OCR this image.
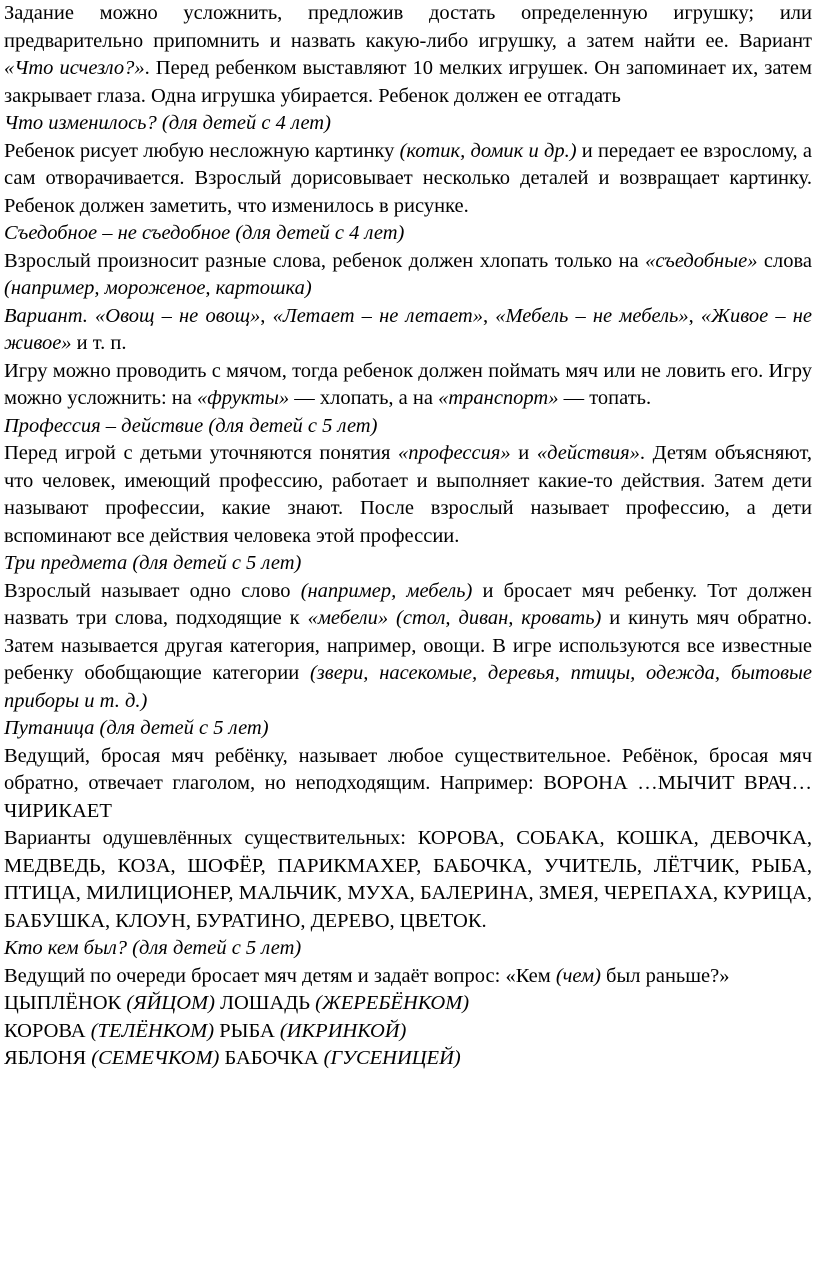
Задание можно усложнить, предложив достать определенную игрушку; или предварительно припомнить и назвать какую-либо игрушку, а затем найти ее. Вариант «Что исчезло?». Перед ребенком выставляют 10 мелких игрушек. Он запоминает их, затем закрывает глаза. Одна игрушка убирается. Ребенок должен ее отгадать

Что изменилось? (для детей с 4 лет)

Ребенок рисует любую несложную картинку (котик, домик и др.) и передает ее взрослому, а сам отворачивается. Взрослый дорисовывает несколько деталей и возвращает картинку. Ребенок должен заметить, что изменилось в рисунке.

Съедобное – не съедобное (для детей с 4 лет)

Взрослый произносит разные слова, ребенок должен хлопать только на «съедобные» слова (например, мороженое, картошка)

Вариант. «Овощ – не овощ», «Летает – не летает», «Мебель – не мебель», «Живое – не живое» и т. п.

Игру можно проводить с мячом, тогда ребенок должен поймать мяч или не ловить его. Игру можно усложнить: на «фрукты» — хлопать, а на «транспорт» — топать.

Профессия – действие (для детей с 5 лет)

Перед игрой с детьми уточняются понятия «профессия» и «действия». Детям объясняют, что человек, имеющий профессию, работает и выполняет какие-то действия. Затем дети называют профессии, какие знают. После взрослый называет профессию, а дети вспоминают все действия человека этой профессии.

Три предмета (для детей с 5 лет)

Взрослый называет одно слово (например, мебель) и бросает мяч ребенку. Тот должен назвать три слова, подходящие к «мебели» (стол, диван, кровать) и кинуть мяч обратно. Затем называется другая категория, например, овощи. В игре используются все известные ребенку обобщающие категории (звери, насекомые, деревья, птицы, одежда, бытовые приборы и т. д.)

Путаница (для детей с 5 лет)

Ведущий, бросая мяч ребёнку, называет любое существительное. Ребёнок, бросая мяч обратно, отвечает глаголом, но неподходящим. Например: ВОРОНА …МЫЧИТ ВРАЧ…ЧИРИКАЕТ

Варианты одушевлённых существительных: КОРОВА, СОБАКА, КОШКА, ДЕВОЧКА, МЕДВЕДЬ, КОЗА, ШОФЁР, ПАРИКМАХЕР, БАБОЧКА, УЧИТЕЛЬ, ЛЁТЧИК, РЫБА, ПТИЦА, МИЛИЦИОНЕР, МАЛЬЧИК, МУХА, БАЛЕРИНА, ЗМЕЯ, ЧЕРЕПАХА, КУРИЦА, БАБУШКА, КЛОУН, БУРАТИНО, ДЕРЕВО, ЦВЕТОК.

Кто кем был? (для детей с 5 лет)

Ведущий по очереди бросает мяч детям и задаёт вопрос: «Кем (чем) был раньше?»

ЦЫПЛЁНОК (ЯЙЦОМ) ЛОШАДЬ (ЖЕРЕБЁНКОМ)

КОРОВА (ТЕЛЁНКОМ) РЫБА (ИКРИНКОЙ)

ЯБЛОНЯ (СЕМЕЧКОМ) БАБОЧКА (ГУСЕНИЦЕЙ)
